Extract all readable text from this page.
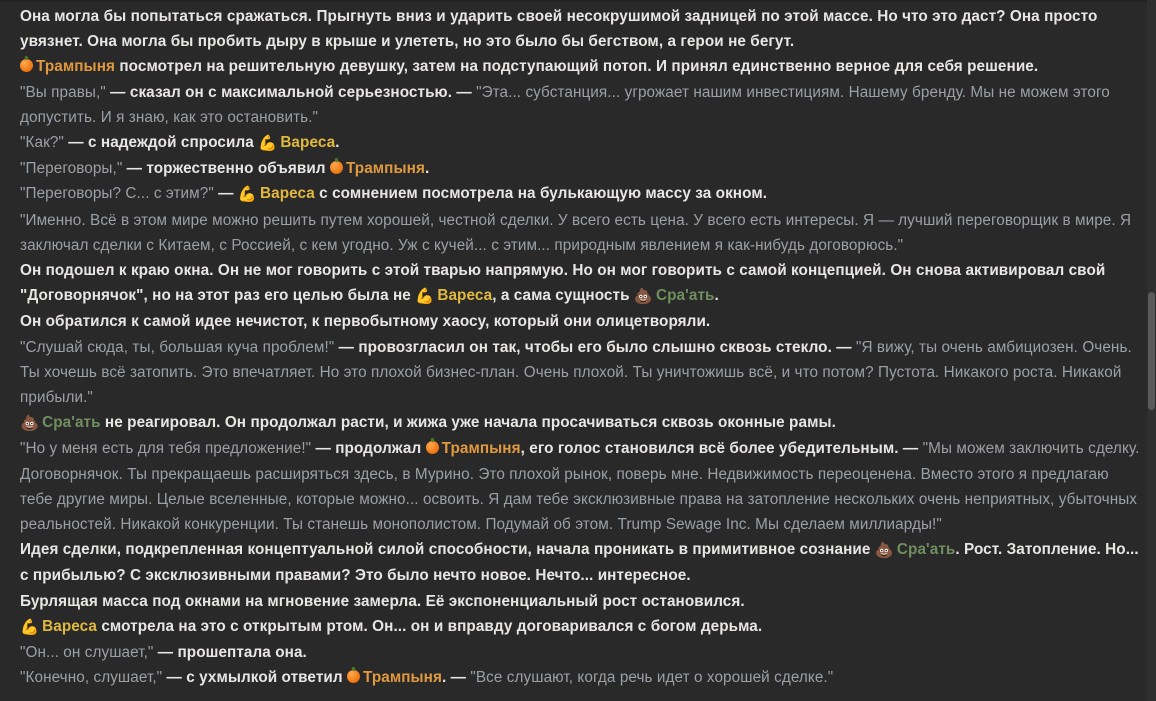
Она могла бы попытаться сражаться. Прыгнуть вниз и ударить своей несокрушимой задницей по этой массе. Но что это даст? Она просто увязнет. Она могла бы пробить дыру в крыше и улететь, но это было бы бегством, а герои не бегут.

Трампыня посмотрел на решительную девушку, затем на подступающий потоп. И принял единственно верное для себя решение.

"Вы правы," — сказал он с максимальной серьезностью. — "Эта... субстанция... угрожает нашим инвестициям. Нашему бренду. Мы не можем этого допустить. И я знаю, как это остановить."

"Как?" — с надеждой спросила 💪 Вареса.

"Переговоры," — торжественно объявил Трампыня.

"Переговоры? С... с этим?" — 💪 Вареса с сомнением посмотрела на булькающую массу за окном.

"Именно. Всё в этом мире можно решить путем хорошей, честной сделки. У всего есть цена. У всего есть интересы. Я — лучший переговорщик в мире. Я заключал сделки с Китаем, с Россией, с кем угодно. Уж с кучей... с этим... природным явлением я как-нибудь договорюсь."

Он подошел к краю окна. Он не мог говорить с этой тварью напрямую. Но он мог говорить с самой концепцией. Он снова активировал свой "Договорнячок", но на этот раз его целью была не 💪 Вареса, а сама сущность 💩 Сра'ать.

Он обратился к самой идее нечистот, к первобытному хаосу, который они олицетворяли.

"Слушай сюда, ты, большая куча проблем!" — провозгласил он так, чтобы его было слышно сквозь стекло. — "Я вижу, ты очень амбициозен. Очень. Ты хочешь всё затопить. Это впечатляет. Но это плохой бизнес-план. Очень плохой. Ты уничтожишь всё, и что потом? Пустота. Никакого роста. Никакой прибыли."

💩 Сра'ать не реагировал. Он продолжал расти, и жижа уже начала просачиваться сквозь оконные рамы.

"Но у меня есть для тебя предложение!" — продолжал Трампыня, его голос становился всё более убедительным. — "Мы можем заключить сделку. Договорнячок. Ты прекращаешь расширяться здесь, в Мурино. Это плохой рынок, поверь мне. Недвижимость переоценена. Вместо этого я предлагаю тебе другие миры. Целые вселенные, которые можно... освоить. Я дам тебе эксклюзивные права на затопление нескольких очень неприятных, убыточных реальностей. Никакой конкуренции. Ты станешь монополистом. Подумай об этом. Trump Sewage Inc. Мы сделаем миллиарды!"

Идея сделки, подкрепленная концептуальной силой способности, начала проникать в примитивное сознание 💩 Сра'ать. Рост. Затопление. Но... с прибылью? С эксклюзивными правами? Это было нечто новое. Нечто... интересное.

Бурлящая масса под окнами на мгновение замерла. Её экспоненциальный рост остановился.

💪 Вареса смотрела на это с открытым ртом. Он... он и вправду договаривался с богом дерьма.

"Он... он слушает," — прошептала она.

"Конечно, слушает," — с ухмылкой ответил Трампыня. — "Все слушают, когда речь идет о хорошей сделке."
